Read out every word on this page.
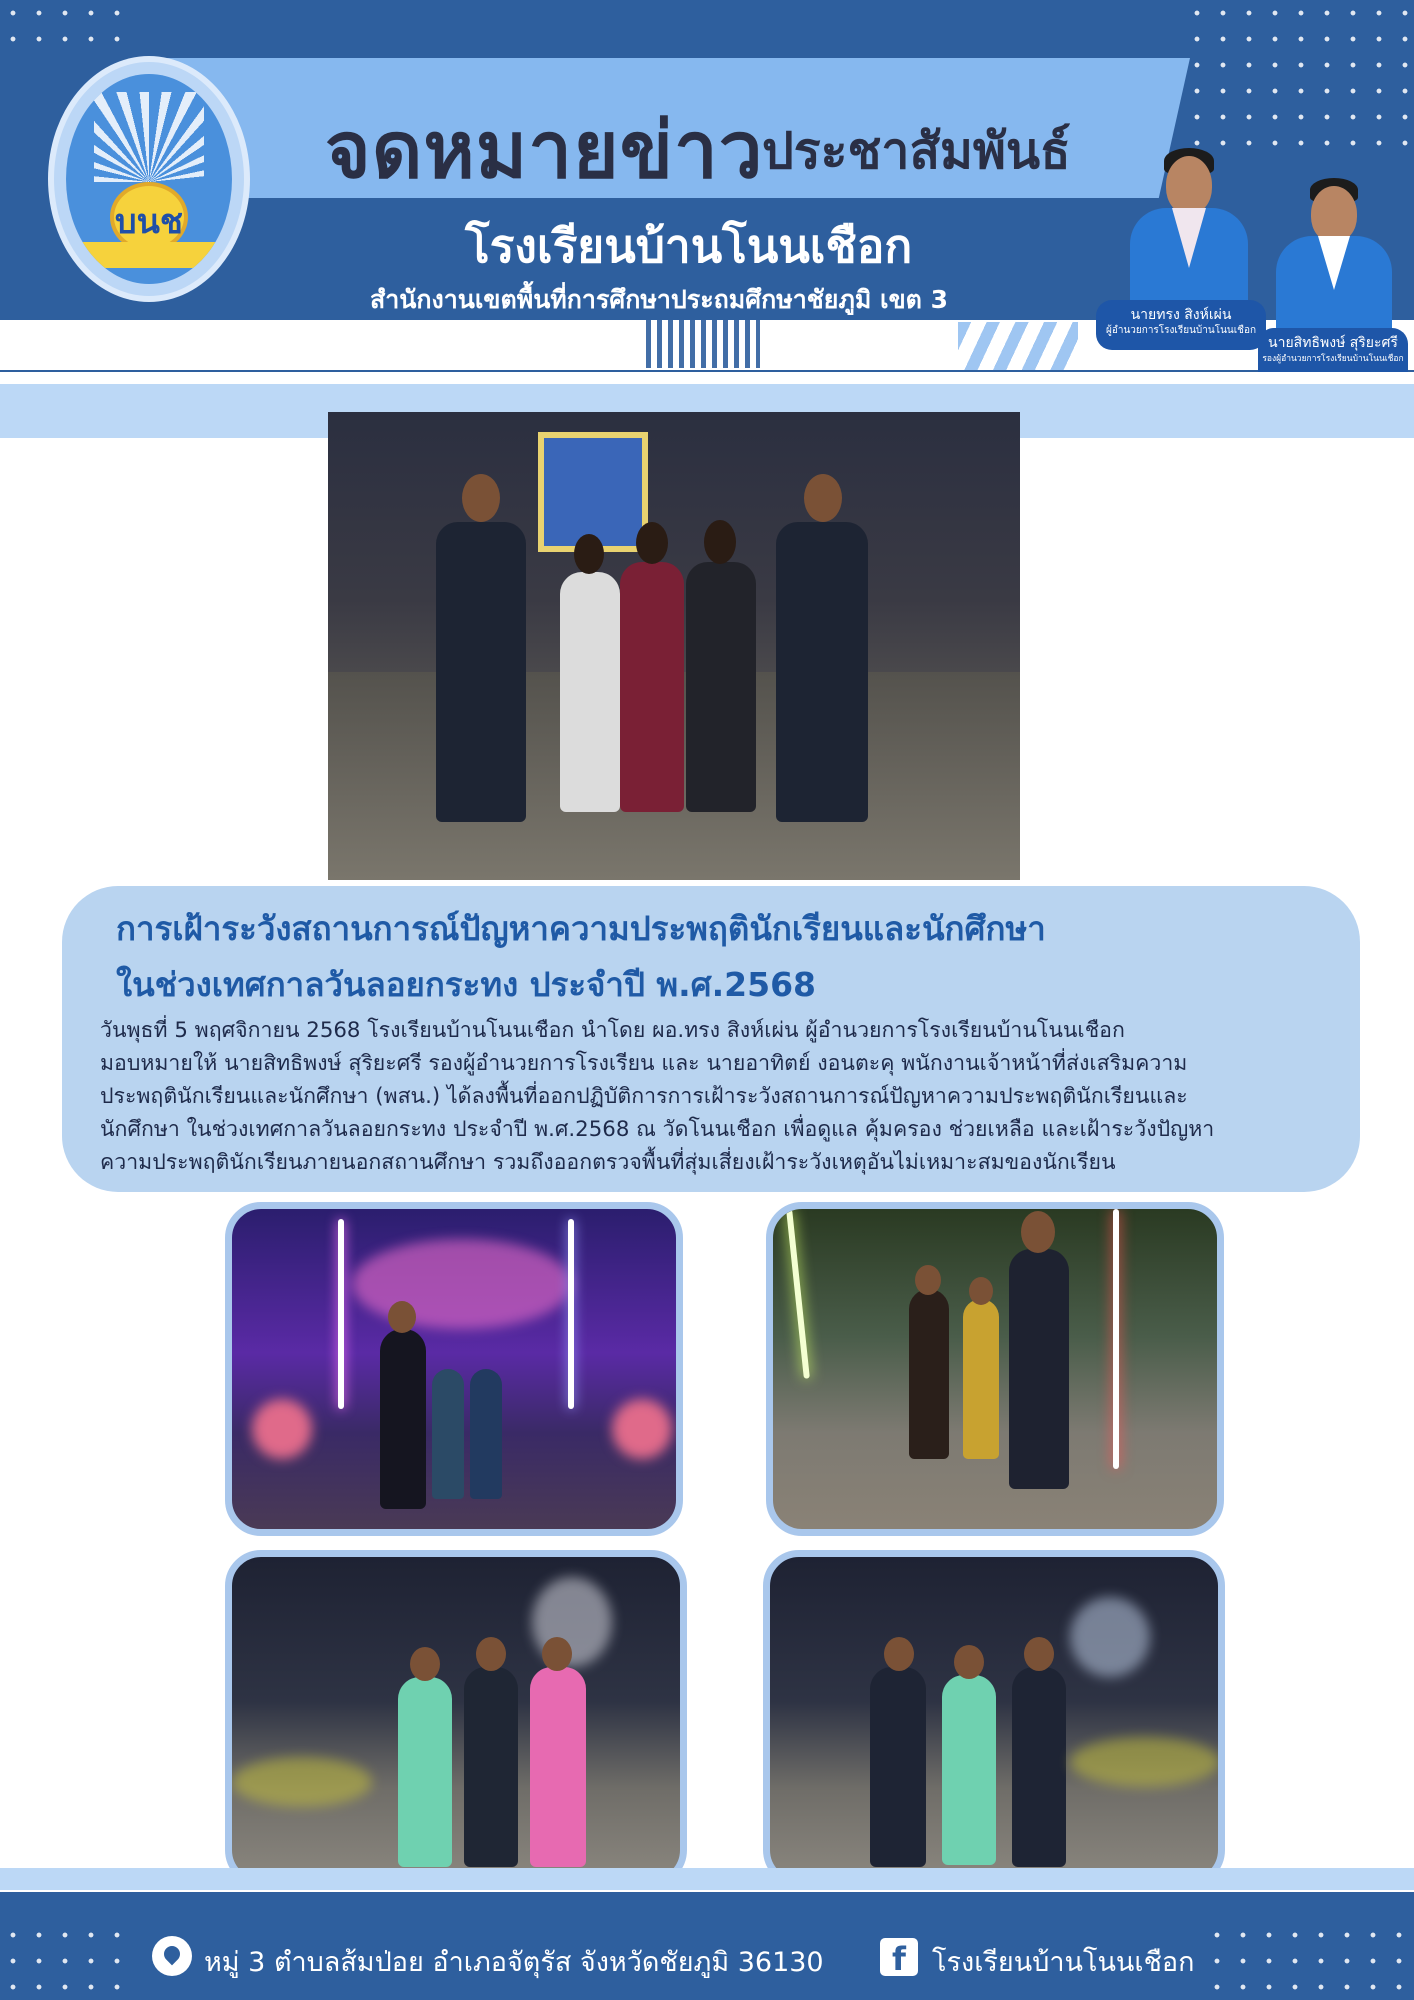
จดหมายข่าว
ประชาสัมพันธ์
โรงเรียนบ้านโนนเชือก
สำนักงานเขตพื้นที่การศึกษาประถมศึกษาชัยภูมิ เขต 3
ฉบับที่ 39/2568	พฤศจิกายน 2568
บนช
นายทรง สิงห์เผ่น
ผู้อำนวยการโรงเรียนบ้านโนนเชือก
นายสิทธิพงษ์ สุริยะศรี
รองผู้อำนวยการโรงเรียนบ้านโนนเชือก
การเฝ้าระวังสถานการณ์ปัญหาความประพฤตินักเรียนและนักศึกษา
ในช่วงเทศกาลวันลอยกระทง ประจำปี พ.ศ.2568
วันพุธที่ 5 พฤศจิกายน 2568 โรงเรียนบ้านโนนเชือก นำโดย ผอ.ทรง สิงห์เผ่น ผู้อำนวยการโรงเรียนบ้านโนนเชือก
มอบหมายให้ นายสิทธิพงษ์ สุริยะศรี รองผู้อำนวยการโรงเรียน และ นายอาทิตย์ งอนตะคุ พนักงานเจ้าหน้าที่ส่งเสริมความ
ประพฤตินักเรียนและนักศึกษา (พสน.) ได้ลงพื้นที่ออกปฏิบัติการการเฝ้าระวังสถานการณ์ปัญหาความประพฤตินักเรียนและ
นักศึกษา ในช่วงเทศกาลวันลอยกระทง ประจำปี พ.ศ.2568 ณ วัดโนนเชือก เพื่อดูแล คุ้มครอง ช่วยเหลือ และเฝ้าระวังปัญหา
ความประพฤตินักเรียนภายนอกสถานศึกษา รวมถึงออกตรวจพื้นที่สุ่มเสี่ยงเฝ้าระวังเหตุอันไม่เหมาะสมของนักเรียน
หมู่ 3 ตำบลส้มป่อย อำเภอจัตุรัส จังหวัดชัยภูมิ 36130	f โรงเรียนบ้านโนนเชือก
